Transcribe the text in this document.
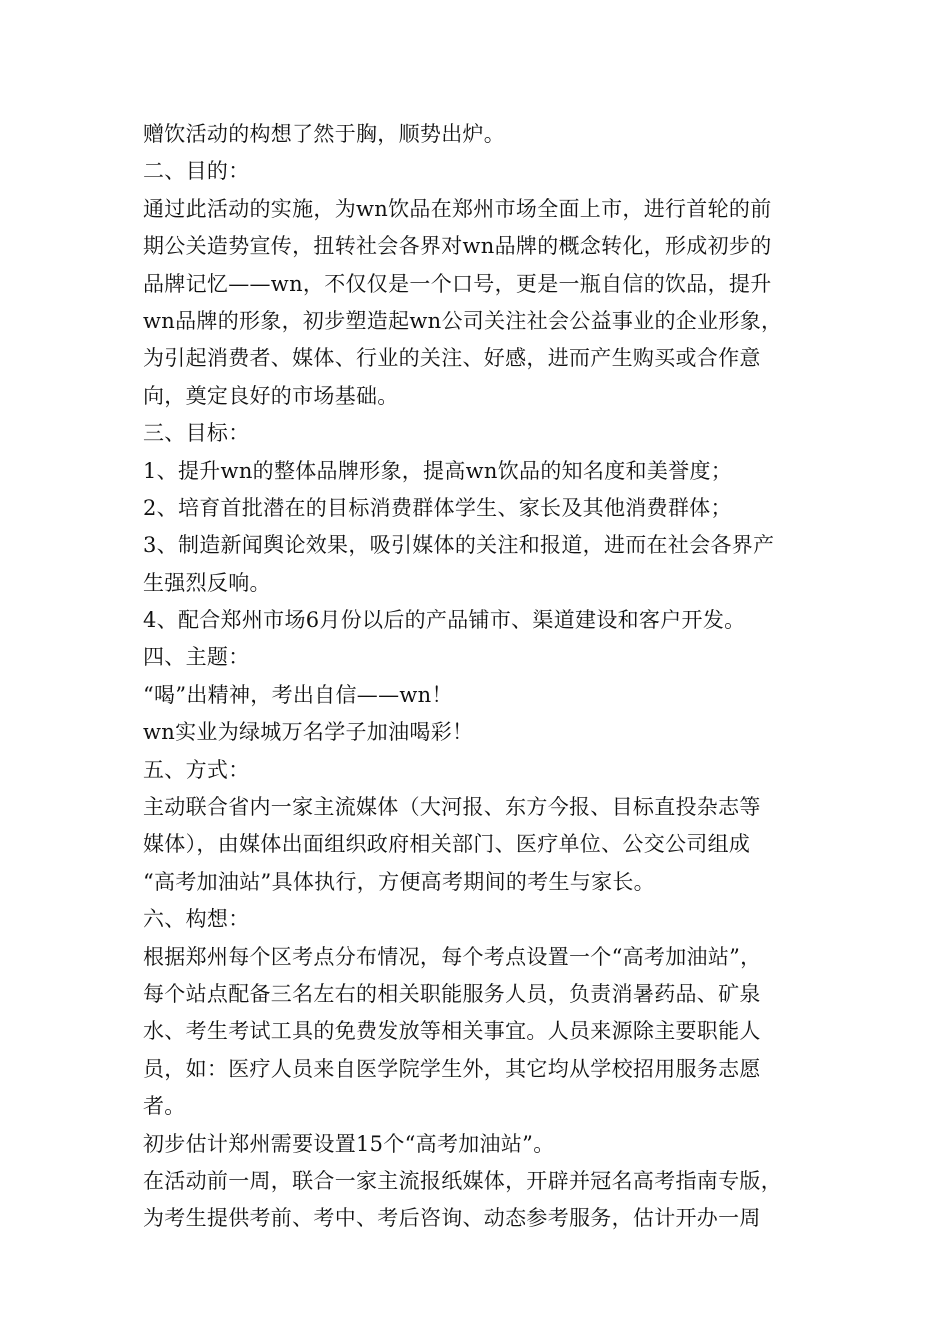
赠饮活动的构想了然于胸，顺势出炉。
二、目的：
通过此活动的实施，为wn饮品在郑州市场全面上市，进行首轮的前
期公关造势宣传，扭转社会各界对wn品牌的概念转化，形成初步的
品牌记忆——wn，不仅仅是一个口号，更是一瓶自信的饮品，提升
wn品牌的形象，初步塑造起wn公司关注社会公益事业的企业形象，
为引起消费者、媒体、行业的关注、好感，进而产生购买或合作意
向，奠定良好的市场基础。
三、目标：
1、提升wn的整体品牌形象，提高wn饮品的知名度和美誉度；
2、培育首批潜在的目标消费群体学生、家长及其他消费群体；
3、制造新闻舆论效果，吸引媒体的关注和报道，进而在社会各界产
生强烈反响。
4、配合郑州市场6月份以后的产品铺市、渠道建设和客户开发。
四、主题：
“喝”出精神，考出自信——wn！
wn实业为绿城万名学子加油喝彩！
五、方式：
主动联合省内一家主流媒体（大河报、东方今报、目标直投杂志等
媒体），由媒体出面组织政府相关部门、医疗单位、公交公司组成
“高考加油站”具体执行，方便高考期间的考生与家长。
六、构想：
根据郑州每个区考点分布情况，每个考点设置一个“高考加油站”，
每个站点配备三名左右的相关职能服务人员，负责消暑药品、矿泉
水、考生考试工具的免费发放等相关事宜。人员来源除主要职能人
员，如：医疗人员来自医学院学生外，其它均从学校招用服务志愿
者。
初步估计郑州需要设置15个“高考加油站”。
在活动前一周，联合一家主流报纸媒体，开辟并冠名高考指南专版，
为考生提供考前、考中、考后咨询、动态参考服务，估计开办一周
